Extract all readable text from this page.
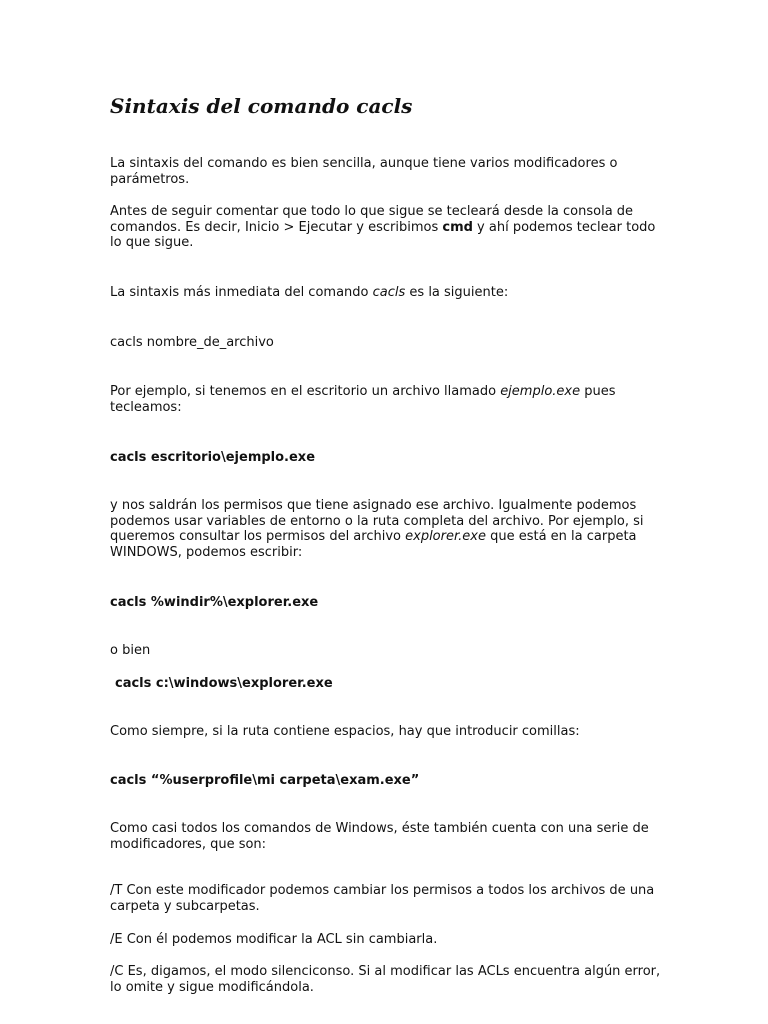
Sintaxis del comando cacls

La sintaxis del comando es bien sencilla, aunque tiene varios modificadores o parámetros.

Antes de seguir comentar que todo lo que sigue se tecleará desde la consola de comandos. Es decir, Inicio > Ejecutar y escribimos cmd y ahí podemos teclear todo lo que sigue.

La sintaxis más inmediata del comando cacls es la siguiente:

cacls nombre_de_archivo

Por ejemplo, si tenemos en el escritorio un archivo llamado ejemplo.exe pues tecleamos:

cacls escritorio\ejemplo.exe

y nos saldrán los permisos que tiene asignado ese archivo. Igualmente podemos podemos usar variables de entorno o la ruta completa del archivo. Por ejemplo, si queremos consultar los permisos del archivo explorer.exe que está en la carpeta WINDOWS, podemos escribir:

cacls %windir%\explorer.exe

o bien

cacls c:\windows\explorer.exe

Como siempre, si la ruta contiene espacios, hay que introducir comillas:

cacls “%userprofile\mi carpeta\exam.exe”

Como casi todos los comandos de Windows, éste también cuenta con una serie de modificadores, que son:

/T Con este modificador podemos cambiar los permisos a todos los archivos de una carpeta y subcarpetas.

/E Con él podemos modificar la ACL sin cambiarla.

/C Es, digamos, el modo silenciconso. Si al modificar las ACLs encuentra algún error, lo omite y sigue modificándola.
